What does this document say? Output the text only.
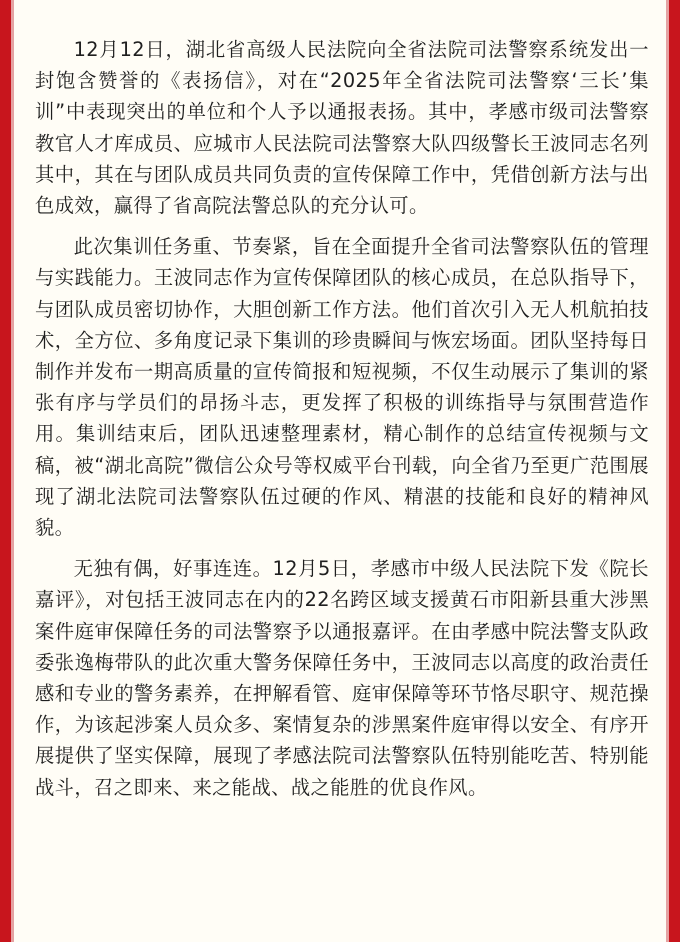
12月12日，湖北省高级人民法院向全省法院司法警察系统发出一封饱含赞誉的《表扬信》，对在“2025年全省法院司法警察‘三长’集训”中表现突出的单位和个人予以通报表扬。其中，孝感市级司法警察教官人才库成员、应城市人民法院司法警察大队四级警长王波同志名列其中，其在与团队成员共同负责的宣传保障工作中，凭借创新方法与出色成效，赢得了省高院法警总队的充分认可。

此次集训任务重、节奏紧，旨在全面提升全省司法警察队伍的管理与实践能力。王波同志作为宣传保障团队的核心成员，在总队指导下，与团队成员密切协作，大胆创新工作方法。他们首次引入无人机航拍技术，全方位、多角度记录下集训的珍贵瞬间与恢宏场面。团队坚持每日制作并发布一期高质量的宣传简报和短视频，不仅生动展示了集训的紧张有序与学员们的昂扬斗志，更发挥了积极的训练指导与氛围营造作用。集训结束后，团队迅速整理素材，精心制作的总结宣传视频与文稿，被“湖北高院”微信公众号等权威平台刊载，向全省乃至更广范围展现了湖北法院司法警察队伍过硬的作风、精湛的技能和良好的精神风貌。

无独有偶，好事连连。12月5日，孝感市中级人民法院下发《院长嘉评》，对包括王波同志在内的22名跨区域支援黄石市阳新县重大涉黑案件庭审保障任务的司法警察予以通报嘉评。在由孝感中院法警支队政委张逸梅带队的此次重大警务保障任务中，王波同志以高度的政治责任感和专业的警务素养，在押解看管、庭审保障等环节恪尽职守、规范操作，为该起涉案人员众多、案情复杂的涉黑案件庭审得以安全、有序开展提供了坚实保障，展现了孝感法院司法警察队伍特别能吃苦、特别能战斗，召之即来、来之能战、战之能胜的优良作风。
